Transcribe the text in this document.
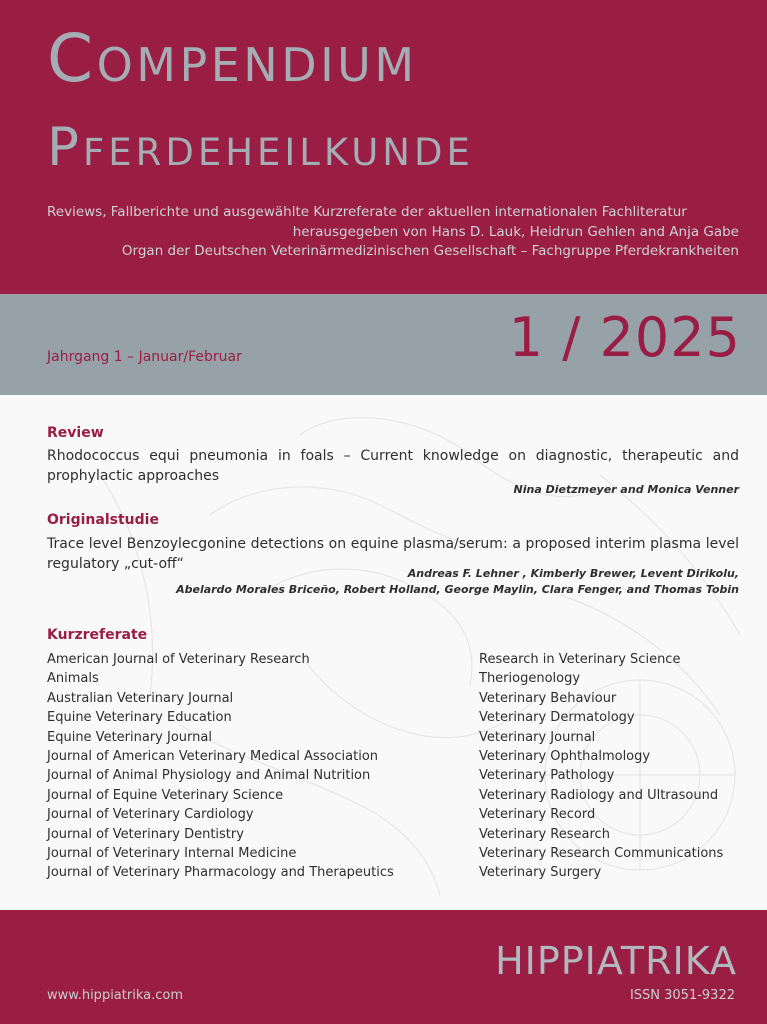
Compendium
Pferdeheilkunde
Reviews, Fallberichte und ausgewählte Kurzreferate der aktuellen internationalen Fachliteratur
herausgegeben von Hans D. Lauk, Heidrun Gehlen and Anja Gabe
Organ der Deutschen Veterinärmedizinischen Gesellschaft – Fachgruppe Pferdekrankheiten
Jahrgang 1 – Januar/Februar	1 / 2025
Review
Rhodococcus equi pneumonia in foals – Current knowledge on diagnostic, therapeutic and prophylactic approaches
Nina Dietzmeyer and Monica Venner
Originalstudie
Trace level Benzoylecgonine detections on equine plasma/serum: a proposed interim plasma level regulatory „cut-off“
Andreas F. Lehner , Kimberly Brewer, Levent Dirikolu,
Abelardo Morales Briceño, Robert Holland, George Maylin, Clara Fenger, and Thomas Tobin
Kurzreferate
American Journal of Veterinary Research
Animals
Australian Veterinary Journal
Equine Veterinary Education
Equine Veterinary Journal
Journal of American Veterinary Medical Association
Journal of Animal Physiology and Animal Nutrition
Journal of Equine Veterinary Science
Journal of Veterinary Cardiology
Journal of Veterinary Dentistry
Journal of Veterinary Internal Medicine
Journal of Veterinary Pharmacology and Therapeutics
Research in Veterinary Science
Theriogenology
Veterinary Behaviour
Veterinary Dermatology
Veterinary Journal
Veterinary Ophthalmology
Veterinary Pathology
Veterinary Radiology and Ultrasound
Veterinary Record
Veterinary Research
Veterinary Research Communications
Veterinary Surgery
HIPPIATRIKA
www.hippiatrika.com	ISSN 3051-9322
